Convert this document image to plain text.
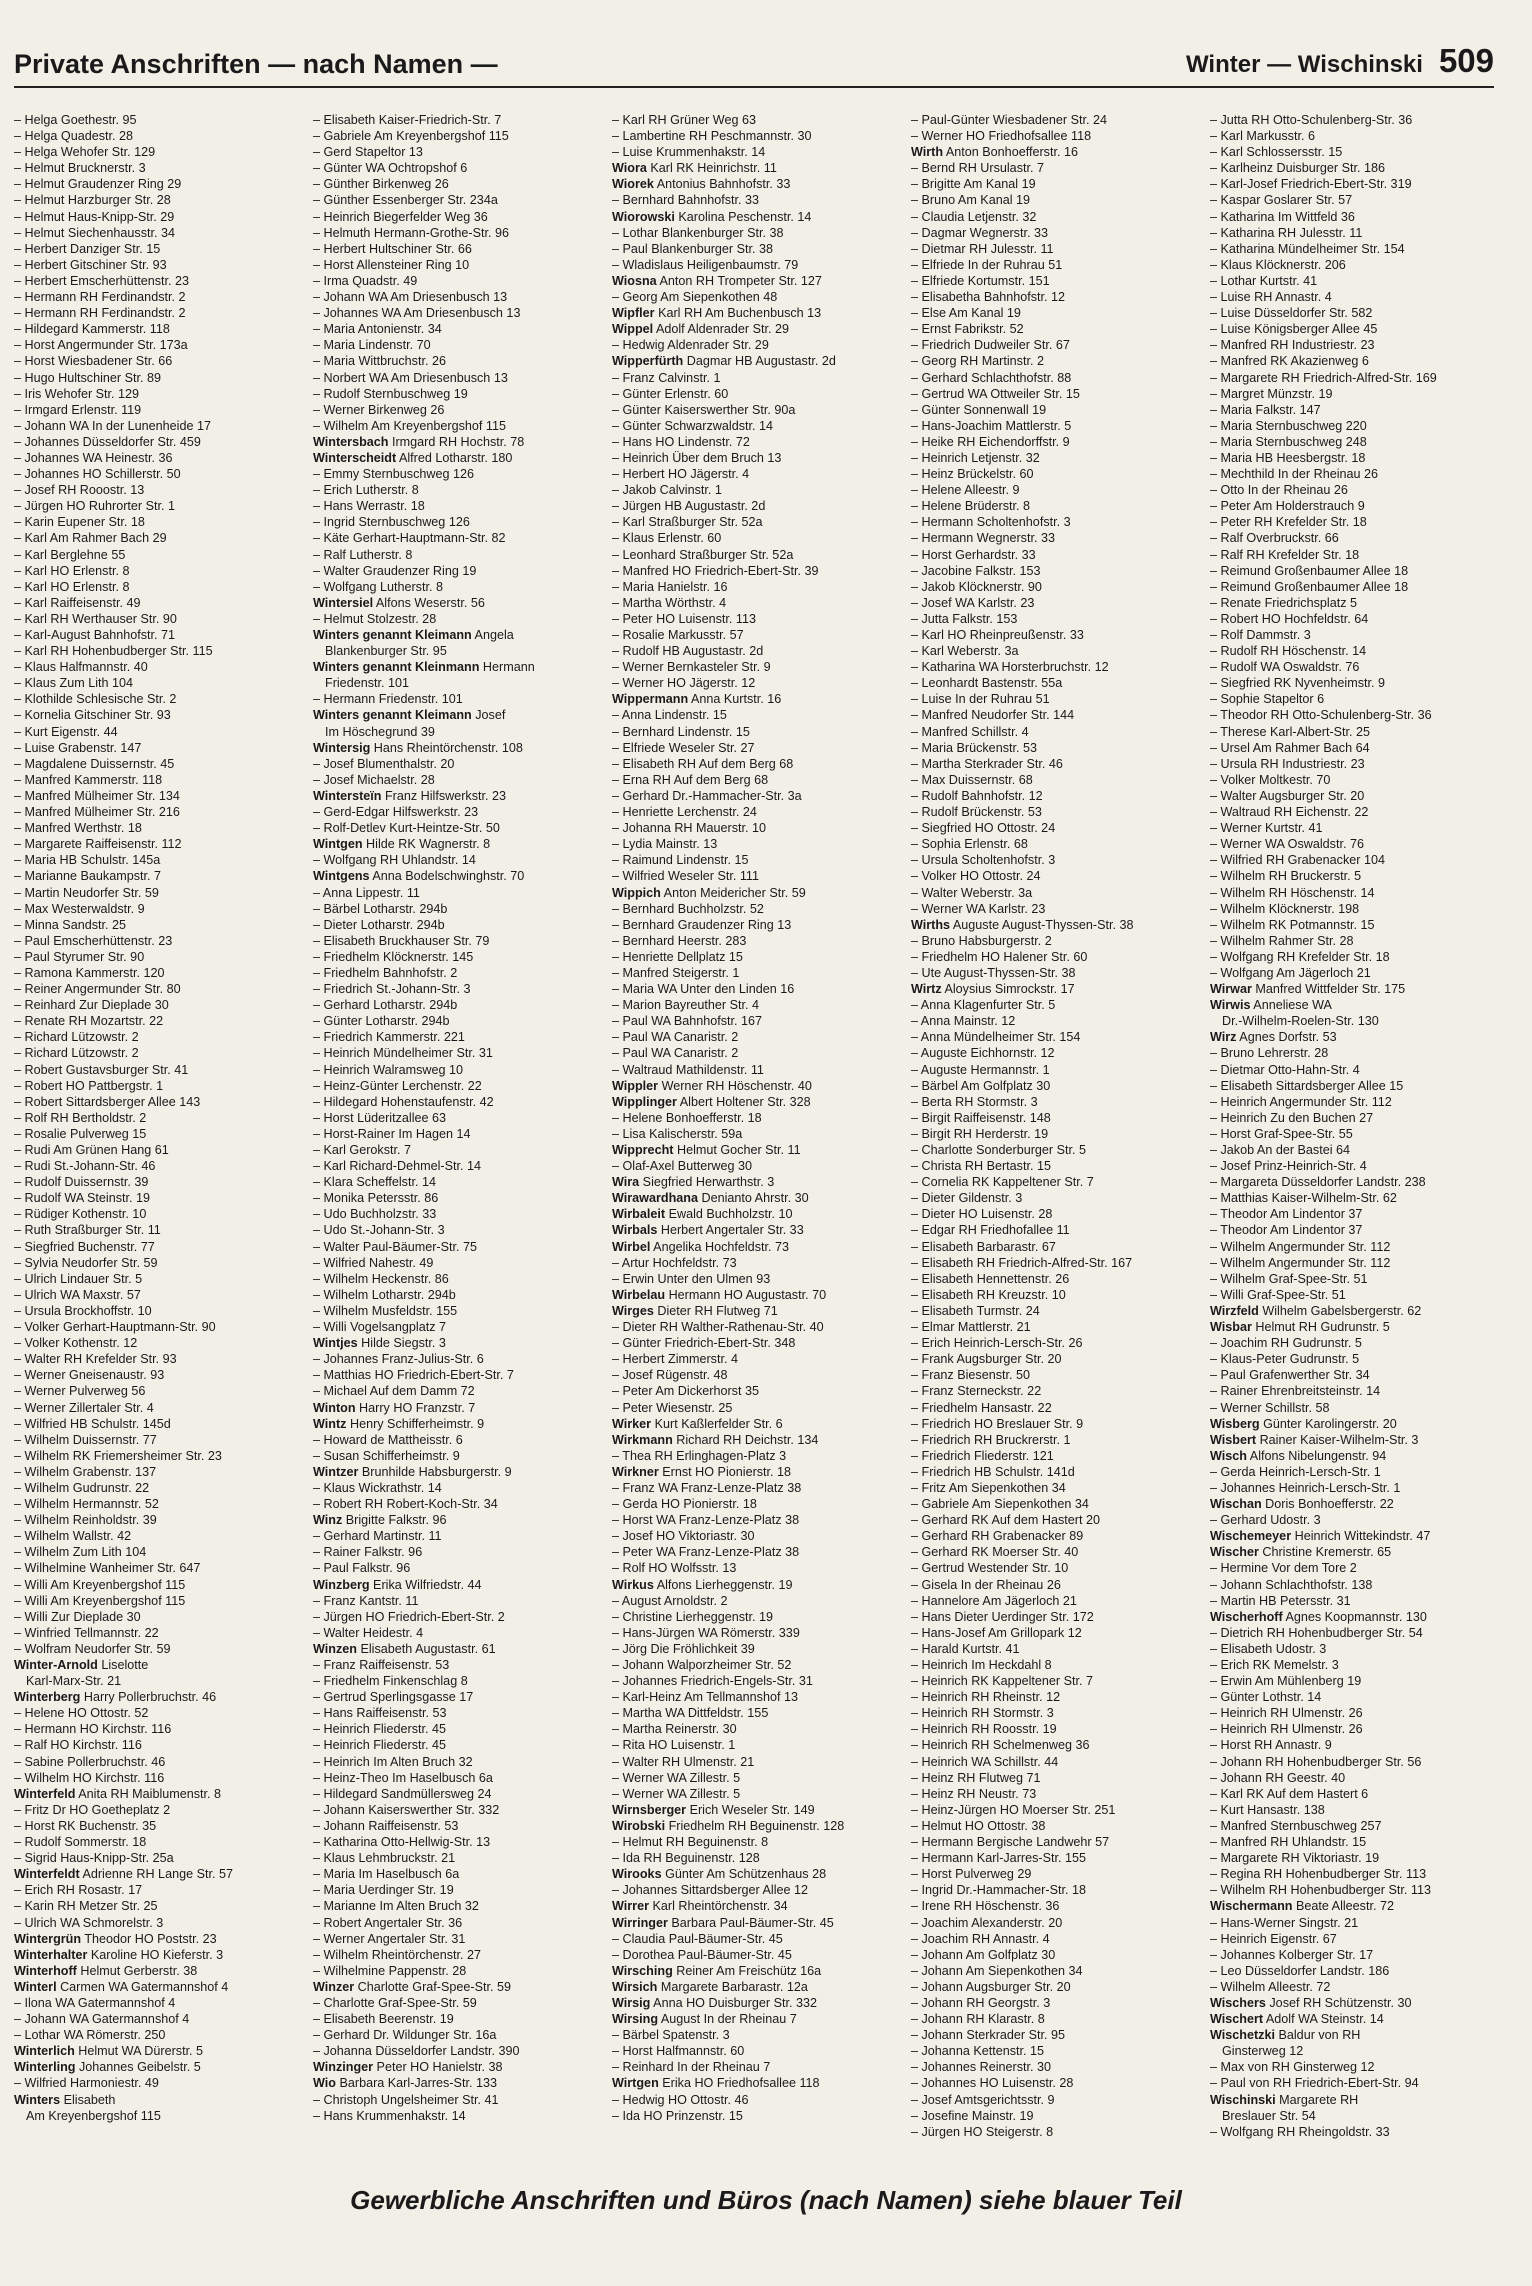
Private Anschriften — nach Namen —	Winter — Wischinski 509
– Helga Goethestr. 95
– Helga Quadestr. 28
– Helga Wehofer Str. 129
– Helmut Brucknerstr. 3
– Helmut Graudenzer Ring 29
– Helmut Harzburger Str. 28
– Helmut Haus-Knipp-Str. 29
– Helmut Siechenhausstr. 34
– Herbert Danziger Str. 15
– Herbert Gitschiner Str. 93
– Herbert Emscherhüttenstr. 23
– Hermann RH Ferdinandstr. 2
– Hermann RH Ferdinandstr. 2
– Hildegard Kammerstr. 118
– Horst Angermunder Str. 173a
– Horst Wiesbadener Str. 66
– Hugo Hultschiner Str. 89
– Iris Wehofer Str. 129
– Irmgard Erlenstr. 119
– Johann WA In der Lunenheide 17
– Johannes Düsseldorfer Str. 459
– Johannes WA Heinestr. 36
– Johannes HO Schillerstr. 50
– Josef RH Rooostr. 13
– Jürgen HO Ruhrorter Str. 1
– Karin Eupener Str. 18
– Karl Am Rahmer Bach 29
– Karl Berglehne 55
– Karl HO Erlenstr. 8
– Karl HO Erlenstr. 8
– Karl Raiffeisenstr. 49
– Karl RH Werthauser Str. 90
– Karl-August Bahnhofstr. 71
– Karl RH Hohenbudberger Str. 115
– Klaus Halfmannstr. 40
– Klaus Zum Lith 104
– Klothilde Schlesische Str. 2
– Kornelia Gitschiner Str. 93
– Kurt Eigenstr. 44
– Luise Grabenstr. 147
– Magdalene Duissernstr. 45
– Manfred Kammerstr. 118
– Manfred Mülheimer Str. 134
– Manfred Mülheimer Str. 216
– Manfred Werthstr. 18
– Margarete Raiffeisenstr. 112
– Maria HB Schulstr. 145a
– Marianne Baukampstr. 7
– Martin Neudorfer Str. 59
– Max Westerwaldstr. 9
– Minna Sandstr. 25
– Paul Emscherhüttenstr. 23
– Paul Styrumer Str. 90
– Ramona Kammerstr. 120
– Reiner Angermunder Str. 80
– Reinhard Zur Dieplade 30
– Renate RH Mozartstr. 22
– Richard Lützowstr. 2
– Richard Lützowstr. 2
– Robert Gustavsburger Str. 41
– Robert HO Pattbergstr. 1
– Robert Sittardsberger Allee 143
– Rolf RH Bertholdstr. 2
– Rosalie Pulverweg 15
– Rudi Am Grünen Hang 61
– Rudi St.-Johann-Str. 46
– Rudolf Duissernstr. 39
– Rudolf WA Steinstr. 19
– Rüdiger Kothenstr. 10
– Ruth Straßburger Str. 11
– Siegfried Buchenstr. 77
– Sylvia Neudorfer Str. 59
– Ulrich Lindauer Str. 5
– Ulrich WA Maxstr. 57
– Ursula Brockhoffstr. 10
– Volker Gerhart-Hauptmann-Str. 90
– Volker Kothenstr. 12
– Walter RH Krefelder Str. 93
– Werner Gneisenaustr. 93
– Werner Pulverweg 56
– Werner Zillertaler Str. 4
– Wilfried HB Schulstr. 145d
– Wilhelm Duissernstr. 77
– Wilhelm RK Friemersheimer Str. 23
– Wilhelm Grabenstr. 137
– Wilhelm Gudrunstr. 22
– Wilhelm Hermannstr. 52
– Wilhelm Reinholdstr. 39
– Wilhelm Wallstr. 42
– Wilhelm Zum Lith 104
– Wilhelmine Wanheimer Str. 647
– Willi Am Kreyenbergshof 115
– Willi Am Kreyenbergshof 115
– Willi Zur Dieplade 30
– Winfried Tellmannstr. 22
– Wolfram Neudorfer Str. 59
Winter-Arnold Liselotte
Karl-Marx-Str. 21
Winterberg Harry Pollerbruchstr. 46
– Helene HO Ottostr. 52
– Hermann HO Kirchstr. 116
– Ralf HO Kirchstr. 116
– Sabine Pollerbruchstr. 46
– Wilhelm HO Kirchstr. 116
Winterfeld Anita RH Maiblumenstr. 8
– Fritz Dr HO Goetheplatz 2
– Horst RK Buchenstr. 35
– Rudolf Sommerstr. 18
– Sigrid Haus-Knipp-Str. 25a
Winterfeldt Adrienne RH Lange Str. 57
– Erich RH Rosastr. 17
– Karin RH Metzer Str. 25
– Ulrich WA Schmorelstr. 3
Wintergrün Theodor HO Poststr. 23
Winterhalter Karoline HO Kieferstr. 3
Winterhoff Helmut Gerberstr. 38
Winterl Carmen WA Gatermannshof 4
– Ilona WA Gatermannshof 4
– Johann WA Gatermannshof 4
– Lothar WA Römerstr. 250
Winterlich Helmut WA Dürerstr. 5
Winterling Johannes Geibelstr. 5
– Wilfried Harmoniestr. 49
Winters Elisabeth
Am Kreyenbergshof 115
– Elisabeth Kaiser-Friedrich-Str. 7
– Gabriele Am Kreyenbergshof 115
– Gerd Stapeltor 13
– Günter WA Ochtropshof 6
– Günther Birkenweg 26
– Günther Essenberger Str. 234a
– Heinrich Biegerfelder Weg 36
– Helmuth Hermann-Grothe-Str. 96
– Herbert Hultschiner Str. 66
– Horst Allensteiner Ring 10
– Irma Quadstr. 49
– Johann WA Am Driesenbusch 13
– Johannes WA Am Driesenbusch 13
– Maria Antonienstr. 34
– Maria Lindenstr. 70
– Maria Wittbruchstr. 26
– Norbert WA Am Driesenbusch 13
– Rudolf Sternbuschweg 19
– Werner Birkenweg 26
– Wilhelm Am Kreyenbergshof 115
Wintersbach Irmgard RH Hochstr. 78
Winterscheidt Alfred Lotharstr. 180
– Emmy Sternbuschweg 126
– Erich Lutherstr. 8
– Hans Werrastr. 18
– Ingrid Sternbuschweg 126
– Käte Gerhart-Hauptmann-Str. 82
– Ralf Lutherstr. 8
– Walter Graudenzer Ring 19
– Wolfgang Lutherstr. 8
Wintersiel Alfons Weserstr. 56
– Helmut Stolzestr. 28
Winters genannt Kleimann Angela
Blankenburger Str. 95
Winters genannt Kleinmann Hermann
Friedenstr. 101
– Hermann Friedenstr. 101
Winters genannt Kleimann Josef
Im Höschegrund 39
Wintersig Hans Rheintörchenstr. 108
– Josef Blumenthalstr. 20
– Josef Michaelstr. 28
Wintersteïn Franz Hilfswerkstr. 23
– Gerd-Edgar Hilfswerkstr. 23
– Rolf-Detlev Kurt-Heintze-Str. 50
Wintgen Hilde RK Wagnerstr. 8
– Wolfgang RH Uhlandstr. 14
Wintgens Anna Bodelschwinghstr. 70
– Anna Lippestr. 11
– Bärbel Lotharstr. 294b
– Dieter Lotharstr. 294b
– Elisabeth Bruckhauser Str. 79
– Friedhelm Klöcknerstr. 145
– Friedhelm Bahnhofstr. 2
– Friedrich St.-Johann-Str. 3
– Gerhard Lotharstr. 294b
– Günter Lotharstr. 294b
– Friedrich Kammerstr. 221
– Heinrich Mündelheimer Str. 31
– Heinrich Walramsweg 10
– Heinz-Günter Lerchenstr. 22
– Hildegard Hohenstaufenstr. 42
– Horst Lüderitzallee 63
– Horst-Rainer Im Hagen 14
– Karl Gerokstr. 7
– Karl Richard-Dehmel-Str. 14
– Klara Scheffelstr. 14
– Monika Petersstr. 86
– Udo Buchholzstr. 33
– Udo St.-Johann-Str. 3
– Walter Paul-Bäumer-Str. 75
– Wilfried Nahestr. 49
– Wilhelm Heckenstr. 86
– Wilhelm Lotharstr. 294b
– Wilhelm Musfeldstr. 155
– Willi Vogelsangplatz 7
Wintjes Hilde Siegstr. 3
– Johannes Franz-Julius-Str. 6
– Matthias HO Friedrich-Ebert-Str. 7
– Michael Auf dem Damm 72
Winton Harry HO Franzstr. 7
Wintz Henry Schifferheimstr. 9
– Howard de Mattheisstr. 6
– Susan Schifferheimstr. 9
Wintzer Brunhilde Habsburgerstr. 9
– Klaus Wickrathstr. 14
– Robert RH Robert-Koch-Str. 34
Winz Brigitte Falkstr. 96
– Gerhard Martinstr. 11
– Rainer Falkstr. 96
– Paul Falkstr. 96
Winzberg Erika Wilfriedstr. 44
– Franz Kantstr. 11
– Jürgen HO Friedrich-Ebert-Str. 2
– Walter Heidestr. 4
Winzen Elisabeth Augustastr. 61
– Franz Raiffeisenstr. 53
– Friedhelm Finkenschlag 8
– Gertrud Sperlingsgasse 17
– Hans Raiffeisenstr. 53
– Heinrich Fliederstr. 45
– Heinrich Fliederstr. 45
– Heinrich Im Alten Bruch 32
– Heinz-Theo Im Haselbusch 6a
– Hildegard Sandmüllersweg 24
– Johann Kaiserswerther Str. 332
– Johann Raiffeisenstr. 53
– Katharina Otto-Hellwig-Str. 13
– Klaus Lehmbruckstr. 21
– Maria Im Haselbusch 6a
– Maria Uerdinger Str. 19
– Marianne Im Alten Bruch 32
– Robert Angertaler Str. 36
– Werner Angertaler Str. 31
– Wilhelm Rheintörchenstr. 27
– Wilhelmine Pappenstr. 28
Winzer Charlotte Graf-Spee-Str. 59
– Charlotte Graf-Spee-Str. 59
– Elisabeth Beerenstr. 19
– Gerhard Dr. Wildunger Str. 16a
– Johanna Düsseldorfer Landstr. 390
Winzinger Peter HO Hanielstr. 38
Wio Barbara Karl-Jarres-Str. 133
– Christoph Ungelsheimer Str. 41
– Hans Krummenhakstr. 14
– Karl RH Grüner Weg 63
– Lambertine RH Peschmannstr. 30
– Luise Krummenhakstr. 14
Wiora Karl RK Heinrichstr. 11
Wiorek Antonius Bahnhofstr. 33
– Bernhard Bahnhofstr. 33
Wiorowski Karolina Peschenstr. 14
– Lothar Blankenburger Str. 38
– Paul Blankenburger Str. 38
– Wladislaus Heiligenbaumstr. 79
Wiosna Anton RH Trompeter Str. 127
– Georg Am Siepenkothen 48
Wipfler Karl RH Am Buchenbusch 13
Wippel Adolf Aldenrader Str. 29
– Hedwig Aldenrader Str. 29
Wipperfürth Dagmar HB Augustastr. 2d
– Franz Calvinstr. 1
– Günter Erlenstr. 60
– Günter Kaiserswerther Str. 90a
– Günter Schwarzwaldstr. 14
– Hans HO Lindenstr. 72
– Heinrich Über dem Bruch 13
– Herbert HO Jägerstr. 4
– Jakob Calvinstr. 1
– Jürgen HB Augustastr. 2d
– Karl Straßburger Str. 52a
– Klaus Erlenstr. 60
– Leonhard Straßburger Str. 52a
– Manfred HO Friedrich-Ebert-Str. 39
– Maria Hanielstr. 16
– Martha Wörthstr. 4
– Peter HO Luisenstr. 113
– Rosalie Markusstr. 57
– Rudolf HB Augustastr. 2d
– Werner Bernkasteler Str. 9
– Werner HO Jägerstr. 12
Wippermann Anna Kurtstr. 16
– Anna Lindenstr. 15
– Bernhard Lindenstr. 15
– Elfriede Weseler Str. 27
– Elisabeth RH Auf dem Berg 68
– Erna RH Auf dem Berg 68
– Gerhard Dr.-Hammacher-Str. 3a
– Henriette Lerchenstr. 24
– Johanna RH Mauerstr. 10
– Lydia Mainstr. 13
– Raimund Lindenstr. 15
– Wilfried Weseler Str. 111
Wippich Anton Meidericher Str. 59
– Bernhard Buchholzstr. 52
– Bernhard Graudenzer Ring 13
– Bernhard Heerstr. 283
– Henriette Dellplatz 15
– Manfred Steigerstr. 1
– Maria WA Unter den Linden 16
– Marion Bayreuther Str. 4
– Paul WA Bahnhofstr. 167
– Paul WA Canaristr. 2
– Paul WA Canaristr. 2
– Waltraud Mathildenstr. 11
Wippler Werner RH Höschenstr. 40
Wipplinger Albert Holtener Str. 328
– Helene Bonhoefferstr. 18
– Lisa Kalischerstr. 59a
Wipprecht Helmut Gocher Str. 11
– Olaf-Axel Butterweg 30
Wira Siegfried Herwarthstr. 3
Wirawardhana Denianto Ahrstr. 30
Wirbaleit Ewald Buchholzstr. 10
Wirbals Herbert Angertaler Str. 33
Wirbel Angelika Hochfeldstr. 73
– Artur Hochfeldstr. 73
– Erwin Unter den Ulmen 93
Wirbelau Hermann HO Augustastr. 70
Wirges Dieter RH Flutweg 71
– Dieter RH Walther-Rathenau-Str. 40
– Günter Friedrich-Ebert-Str. 348
– Herbert Zimmerstr. 4
– Josef Rügenstr. 48
– Peter Am Dickerhorst 35
– Peter Wiesenstr. 25
Wirker Kurt Kaßlerfelder Str. 6
Wirkmann Richard RH Deichstr. 134
– Thea RH Erlinghagen-Platz 3
Wirkner Ernst HO Pionierstr. 18
– Franz WA Franz-Lenze-Platz 38
– Gerda HO Pionierstr. 18
– Horst WA Franz-Lenze-Platz 38
– Josef HO Viktoriastr. 30
– Peter WA Franz-Lenze-Platz 38
– Rolf HO Wolfsstr. 13
Wirkus Alfons Lierheggenstr. 19
– August Arnoldstr. 2
– Christine Lierheggenstr. 19
– Hans-Jürgen WA Römerstr. 339
– Jörg Die Fröhlichkeit 39
– Johann Walporzheimer Str. 52
– Johannes Friedrich-Engels-Str. 31
– Karl-Heinz Am Tellmannshof 13
– Martha WA Dittfeldstr. 155
– Martha Reinerstr. 30
– Rita HO Luisenstr. 1
– Walter RH Ulmenstr. 21
– Werner WA Zillestr. 5
– Werner WA Zillestr. 5
Wirnsberger Erich Weseler Str. 149
Wirobski Friedhelm RH Beguinenstr. 128
– Helmut RH Beguinenstr. 8
– Ida RH Beguinenstr. 128
Wirooks Günter Am Schützenhaus 28
– Johannes Sittardsberger Allee 12
Wirrer Karl Rheintörchenstr. 34
Wirringer Barbara Paul-Bäumer-Str. 45
– Claudia Paul-Bäumer-Str. 45
– Dorothea Paul-Bäumer-Str. 45
Wirsching Reiner Am Freischütz 16a
Wirsich Margarete Barbarastr. 12a
Wirsig Anna HO Duisburger Str. 332
Wirsing August In der Rheinau 7
– Bärbel Spatenstr. 3
– Horst Halfmannstr. 60
– Reinhard In der Rheinau 7
Wirtgen Erika HO Friedhofsallee 118
– Hedwig HO Ottostr. 46
– Ida HO Prinzenstr. 15
– Paul-Günter Wiesbadener Str. 24
– Werner HO Friedhofsallee 118
Wirth Anton Bonhoefferstr. 16
– Bernd RH Ursulastr. 7
– Brigitte Am Kanal 19
– Bruno Am Kanal 19
– Claudia Letjenstr. 32
– Dagmar Wegnerstr. 33
– Dietmar RH Julesstr. 11
– Elfriede In der Ruhrau 51
– Elfriede Kortumstr. 151
– Elisabetha Bahnhofstr. 12
– Else Am Kanal 19
– Ernst Fabrikstr. 52
– Friedrich Dudweiler Str. 67
– Georg RH Martinstr. 2
– Gerhard Schlachthofstr. 88
– Gertrud WA Ottweiler Str. 15
– Günter Sonnenwall 19
– Hans-Joachim Mattlerstr. 5
– Heike RH Eichendorffstr. 9
– Heinrich Letjenstr. 32
– Heinz Brückelstr. 60
– Helene Alleestr. 9
– Helene Brüderstr. 8
– Hermann Scholtenhofstr. 3
– Hermann Wegnerstr. 33
– Horst Gerhardstr. 33
– Jacobine Falkstr. 153
– Jakob Klöcknerstr. 90
– Josef WA Karlstr. 23
– Jutta Falkstr. 153
– Karl HO Rheinpreußenstr. 33
– Karl Weberstr. 3a
– Katharina WA Horsterbruchstr. 12
– Leonhardt Bastenstr. 55a
– Luise In der Ruhrau 51
– Manfred Neudorfer Str. 144
– Manfred Schillstr. 4
– Maria Brückenstr. 53
– Martha Sterkrader Str. 46
– Max Duissernstr. 68
– Rudolf Bahnhofstr. 12
– Rudolf Brückenstr. 53
– Siegfried HO Ottostr. 24
– Sophia Erlenstr. 68
– Ursula Scholtenhofstr. 3
– Volker HO Ottostr. 24
– Walter Weberstr. 3a
– Werner WA Karlstr. 23
Wirths Auguste August-Thyssen-Str. 38
– Bruno Habsburgerstr. 2
– Friedhelm HO Halener Str. 60
– Ute August-Thyssen-Str. 38
Wirtz Aloysius Simrockstr. 17
– Anna Klagenfurter Str. 5
– Anna Mainstr. 12
– Anna Mündelheimer Str. 154
– Auguste Eichhornstr. 12
– Auguste Hermannstr. 1
– Bärbel Am Golfplatz 30
– Berta RH Stormstr. 3
– Birgit Raiffeisenstr. 148
– Birgit RH Herderstr. 19
– Charlotte Sonderburger Str. 5
– Christa RH Bertastr. 15
– Cornelia RK Kappeltener Str. 7
– Dieter Gildenstr. 3
– Dieter HO Luisenstr. 28
– Edgar RH Friedhofallee 11
– Elisabeth Barbarastr. 67
– Elisabeth RH Friedrich-Alfred-Str. 167
– Elisabeth Hennettenstr. 26
– Elisabeth RH Kreuzstr. 10
– Elisabeth Turmstr. 24
– Elmar Mattlerstr. 21
– Erich Heinrich-Lersch-Str. 26
– Frank Augsburger Str. 20
– Franz Biesenstr. 50
– Franz Sterneckstr. 22
– Friedhelm Hansastr. 22
– Friedrich HO Breslauer Str. 9
– Friedrich RH Bruckrerstr. 1
– Friedrich Fliederstr. 121
– Friedrich HB Schulstr. 141d
– Fritz Am Siepenkothen 34
– Gabriele Am Siepenkothen 34
– Gerhard RK Auf dem Hastert 20
– Gerhard RH Grabenacker 89
– Gerhard RK Moerser Str. 40
– Gertrud Westender Str. 10
– Gisela In der Rheinau 26
– Hannelore Am Jägerloch 21
– Hans Dieter Uerdinger Str. 172
– Hans-Josef Am Grillopark 12
– Harald Kurtstr. 41
– Heinrich Im Heckdahl 8
– Heinrich RK Kappeltener Str. 7
– Heinrich RH Rheinstr. 12
– Heinrich RH Stormstr. 3
– Heinrich RH Roosstr. 19
– Heinrich RH Schelmenweg 36
– Heinrich WA Schillstr. 44
– Heinz RH Flutweg 71
– Heinz RH Neustr. 73
– Heinz-Jürgen HO Moerser Str. 251
– Helmut HO Ottostr. 38
– Hermann Bergische Landwehr 57
– Hermann Karl-Jarres-Str. 155
– Horst Pulverweg 29
– Ingrid Dr.-Hammacher-Str. 18
– Irene RH Höschenstr. 36
– Joachim Alexanderstr. 20
– Joachim RH Annastr. 4
– Johann Am Golfplatz 30
– Johann Am Siepenkothen 34
– Johann Augsburger Str. 20
– Johann RH Georgstr. 3
– Johann RH Klarastr. 8
– Johann Sterkrader Str. 95
– Johanna Kettenstr. 15
– Johannes Reinerstr. 30
– Johannes HO Luisenstr. 28
– Josef Amtsgerichtsstr. 9
– Josefine Mainstr. 19
– Jürgen HO Steigerstr. 8
– Jutta RH Otto-Schulenberg-Str. 36
– Karl Markusstr. 6
– Karl Schlossersstr. 15
– Karlheinz Duisburger Str. 186
– Karl-Josef Friedrich-Ebert-Str. 319
– Kaspar Goslarer Str. 57
– Katharina Im Wittfeld 36
– Katharina RH Julesstr. 11
– Katharina Mündelheimer Str. 154
– Klaus Klöcknerstr. 206
– Lothar Kurtstr. 41
– Luise RH Annastr. 4
– Luise Düsseldorfer Str. 582
– Luise Königsberger Allee 45
– Manfred RH Industriestr. 23
– Manfred RK Akazienweg 6
– Margarete RH Friedrich-Alfred-Str. 169
– Margret Münzstr. 19
– Maria Falkstr. 147
– Maria Sternbuschweg 220
– Maria Sternbuschweg 248
– Maria HB Heesbergstr. 18
– Mechthild In der Rheinau 26
– Otto In der Rheinau 26
– Peter Am Holderstrauch 9
– Peter RH Krefelder Str. 18
– Ralf Overbruckstr. 66
– Ralf RH Krefelder Str. 18
– Reimund Großenbaumer Allee 18
– Reimund Großenbaumer Allee 18
– Renate Friedrichsplatz 5
– Robert HO Hochfeldstr. 64
– Rolf Dammstr. 3
– Rudolf RH Höschenstr. 14
– Rudolf WA Oswaldstr. 76
– Siegfried RK Nyvenheimstr. 9
– Sophie Stapeltor 6
– Theodor RH Otto-Schulenberg-Str. 36
– Therese Karl-Albert-Str. 25
– Ursel Am Rahmer Bach 64
– Ursula RH Industriestr. 23
– Volker Moltkestr. 70
– Walter Augsburger Str. 20
– Waltraud RH Eichenstr. 22
– Werner Kurtstr. 41
– Werner WA Oswaldstr. 76
– Wilfried RH Grabenacker 104
– Wilhelm RH Bruckerstr. 5
– Wilhelm RH Höschenstr. 14
– Wilhelm Klöcknerstr. 198
– Wilhelm RK Potmannstr. 15
– Wilhelm Rahmer Str. 28
– Wolfgang RH Krefelder Str. 18
– Wolfgang Am Jägerloch 21
Wirwar Manfred Wittfelder Str. 175
Wirwis Anneliese WA
Dr.-Wilhelm-Roelen-Str. 130
Wirz Agnes Dorfstr. 53
– Bruno Lehrerstr. 28
– Dietmar Otto-Hahn-Str. 4
– Elisabeth Sittardsberger Allee 15
– Heinrich Angermunder Str. 112
– Heinrich Zu den Buchen 27
– Horst Graf-Spee-Str. 55
– Jakob An der Bastei 64
– Josef Prinz-Heinrich-Str. 4
– Margareta Düsseldorfer Landstr. 238
– Matthias Kaiser-Wilhelm-Str. 62
– Theodor Am Lindentor 37
– Theodor Am Lindentor 37
– Wilhelm Angermunder Str. 112
– Wilhelm Angermunder Str. 112
– Wilhelm Graf-Spee-Str. 51
– Willi Graf-Spee-Str. 51
Wirzfeld Wilhelm Gabelsbergerstr. 62
Wisbar Helmut RH Gudrunstr. 5
– Joachim RH Gudrunstr. 5
– Klaus-Peter Gudrunstr. 5
– Paul Grafenwerther Str. 34
– Rainer Ehrenbreitsteinstr. 14
– Werner Schillstr. 58
Wisberg Günter Karolingerstr. 20
Wisbert Rainer Kaiser-Wilhelm-Str. 3
Wisch Alfons Nibelungenstr. 94
– Gerda Heinrich-Lersch-Str. 1
– Johannes Heinrich-Lersch-Str. 1
Wischan Doris Bonhoefferstr. 22
– Gerhard Udostr. 3
Wischemeyer Heinrich Wittekindstr. 47
Wischer Christine Kremerstr. 65
– Hermine Vor dem Tore 2
– Johann Schlachthofstr. 138
– Martin HB Petersstr. 31
Wischerhoff Agnes Koopmannstr. 130
– Dietrich RH Hohenbudberger Str. 54
– Elisabeth Udostr. 3
– Erich RK Memelstr. 3
– Erwin Am Mühlenberg 19
– Günter Lothstr. 14
– Heinrich RH Ulmenstr. 26
– Heinrich RH Ulmenstr. 26
– Horst RH Annastr. 9
– Johann RH Hohenbudberger Str. 56
– Johann RH Geestr. 40
– Karl RK Auf dem Hastert 6
– Kurt Hansastr. 138
– Manfred Sternbuschweg 257
– Manfred RH Uhlandstr. 15
– Margarete RH Viktoriastr. 19
– Regina RH Hohenbudberger Str. 113
– Wilhelm RH Hohenbudberger Str. 113
Wischermann Beate Alleestr. 72
– Hans-Werner Singstr. 21
– Heinrich Eigenstr. 67
– Johannes Kolberger Str. 17
– Leo Düsseldorfer Landstr. 186
– Wilhelm Alleestr. 72
Wischers Josef RH Schützenstr. 30
Wischert Adolf WA Steinstr. 14
Wischetzki Baldur von RH
Ginsterweg 12
– Max von RH Ginsterweg 12
– Paul von RH Friedrich-Ebert-Str. 94
Wischinski Margarete RH
Breslauer Str. 54
– Wolfgang RH Rheingoldstr. 33
Gewerbliche Anschriften und Büros (nach Namen) siehe blauer Teil
